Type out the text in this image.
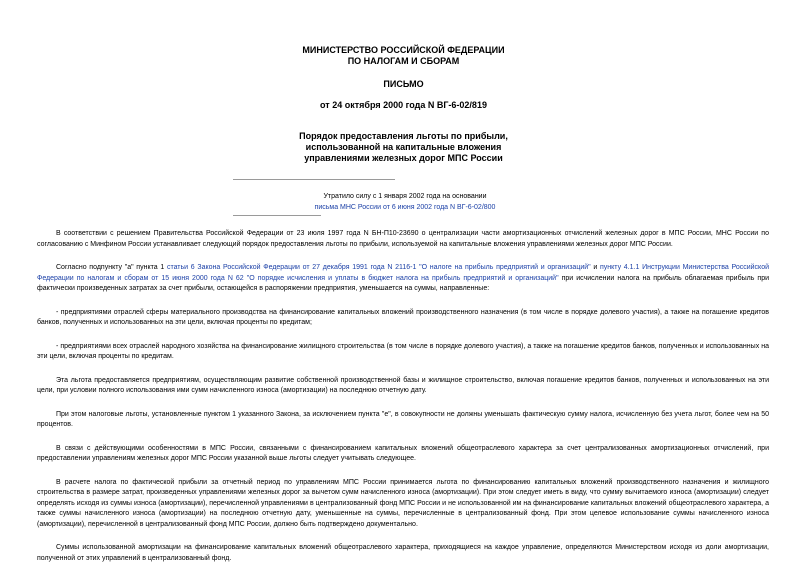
МИНИСТЕРСТВО РОССИЙСКОЙ ФЕДЕРАЦИИ
ПО НАЛОГАМ И СБОРАМ
ПИСЬМО
от 24 октября 2000 года N ВГ-6-02/819
Порядок предоставления льготы по прибыли,
использованной на капитальные вложения
управлениями железных дорог МПС России
Утратило силу с 1 января 2002 года на основании
письма МНС России от 6 июня 2002 года N ВГ-6-02/800

В соответствии с решением Правительства Российской Федерации от 23 июля 1997 года N БН-П10-23690 о централизации части амортизационных отчислений железных дорог в МПС России, МНС России по согласованию с Минфином России устанавливает следующий порядок предоставления льготы по прибыли, используемой на капитальные вложения управлениями железных дорог МПС России.

Согласно подпункту "а" пункта 1 статьи 6 Закона Российской Федерации от 27 декабря 1991 года N 2116-1 "О налоге на прибыль предприятий и организаций" и пункту 4.1.1 Инструкции Министерства Российской Федерации по налогам и сборам от 15 июня 2000 года N 62 "О порядке исчисления и уплаты в бюджет налога на прибыль предприятий и организаций" при исчислении налога на прибыль облагаемая прибыль при фактически произведенных затратах за счет прибыли, остающейся в распоряжении предприятия, уменьшается на суммы, направленные:

- предприятиями отраслей сферы материального производства на финансирование капитальных вложений производственного назначения (в том числе в порядке долевого участия), а также на погашение кредитов банков, полученных и использованных на эти цели, включая проценты по кредитам;

- предприятиями всех отраслей народного хозяйства на финансирование жилищного строительства (в том числе в порядке долевого участия), а также на погашение кредитов банков, полученных и использованных на эти цели, включая проценты по кредитам.

Эта льгота предоставляется предприятиям, осуществляющим развитие собственной производственной базы и жилищное строительство, включая погашение кредитов банков, полученных и использованных на эти цели, при условии полного использования ими сумм начисленного износа (амортизации) на последнюю отчетную дату.

При этом налоговые льготы, установленные пунктом 1 указанного Закона, за исключением пункта "е", в совокупности не должны уменьшать фактическую сумму налога, исчисленную без учета льгот, более чем на 50 процентов.

В связи с действующими особенностями в МПС России, связанными с финансированием капитальных вложений общеотраслевого характера за счет централизованных амортизационных отчислений, при предоставлении управлениям железных дорог МПС России указанной выше льготы следует учитывать следующее.

В расчете налога по фактической прибыли за отчетный период по управлениям МПС России принимается льгота по финансированию капитальных вложений производственного назначения и жилищного строительства в размере затрат, произведенных управлениями железных дорог за вычетом сумм начисленного износа (амортизации). При этом следует иметь в виду, что сумму вычитаемого износа (амортизации) следует определять исходя из суммы износа (амортизации), перечисленной управлениями в централизованный фонд МПС России и не использованной им на финансирование капитальных вложений общеотраслевого характера, а также суммы начисленного износа (амортизации) на последнюю отчетную дату, уменьшенные на суммы, перечисленные в централизованный фонд. При этом целевое использование суммы начисленного износа (амортизации), перечисленной в централизованный фонд МПС России, должно быть подтверждено документально.

Суммы использованной амортизации на финансирование капитальных вложений общеотраслевого характера, приходящиеся на каждое управление, определяются Министерством исходя из доли амортизации, полученной от этих управлений в централизованный фонд.
